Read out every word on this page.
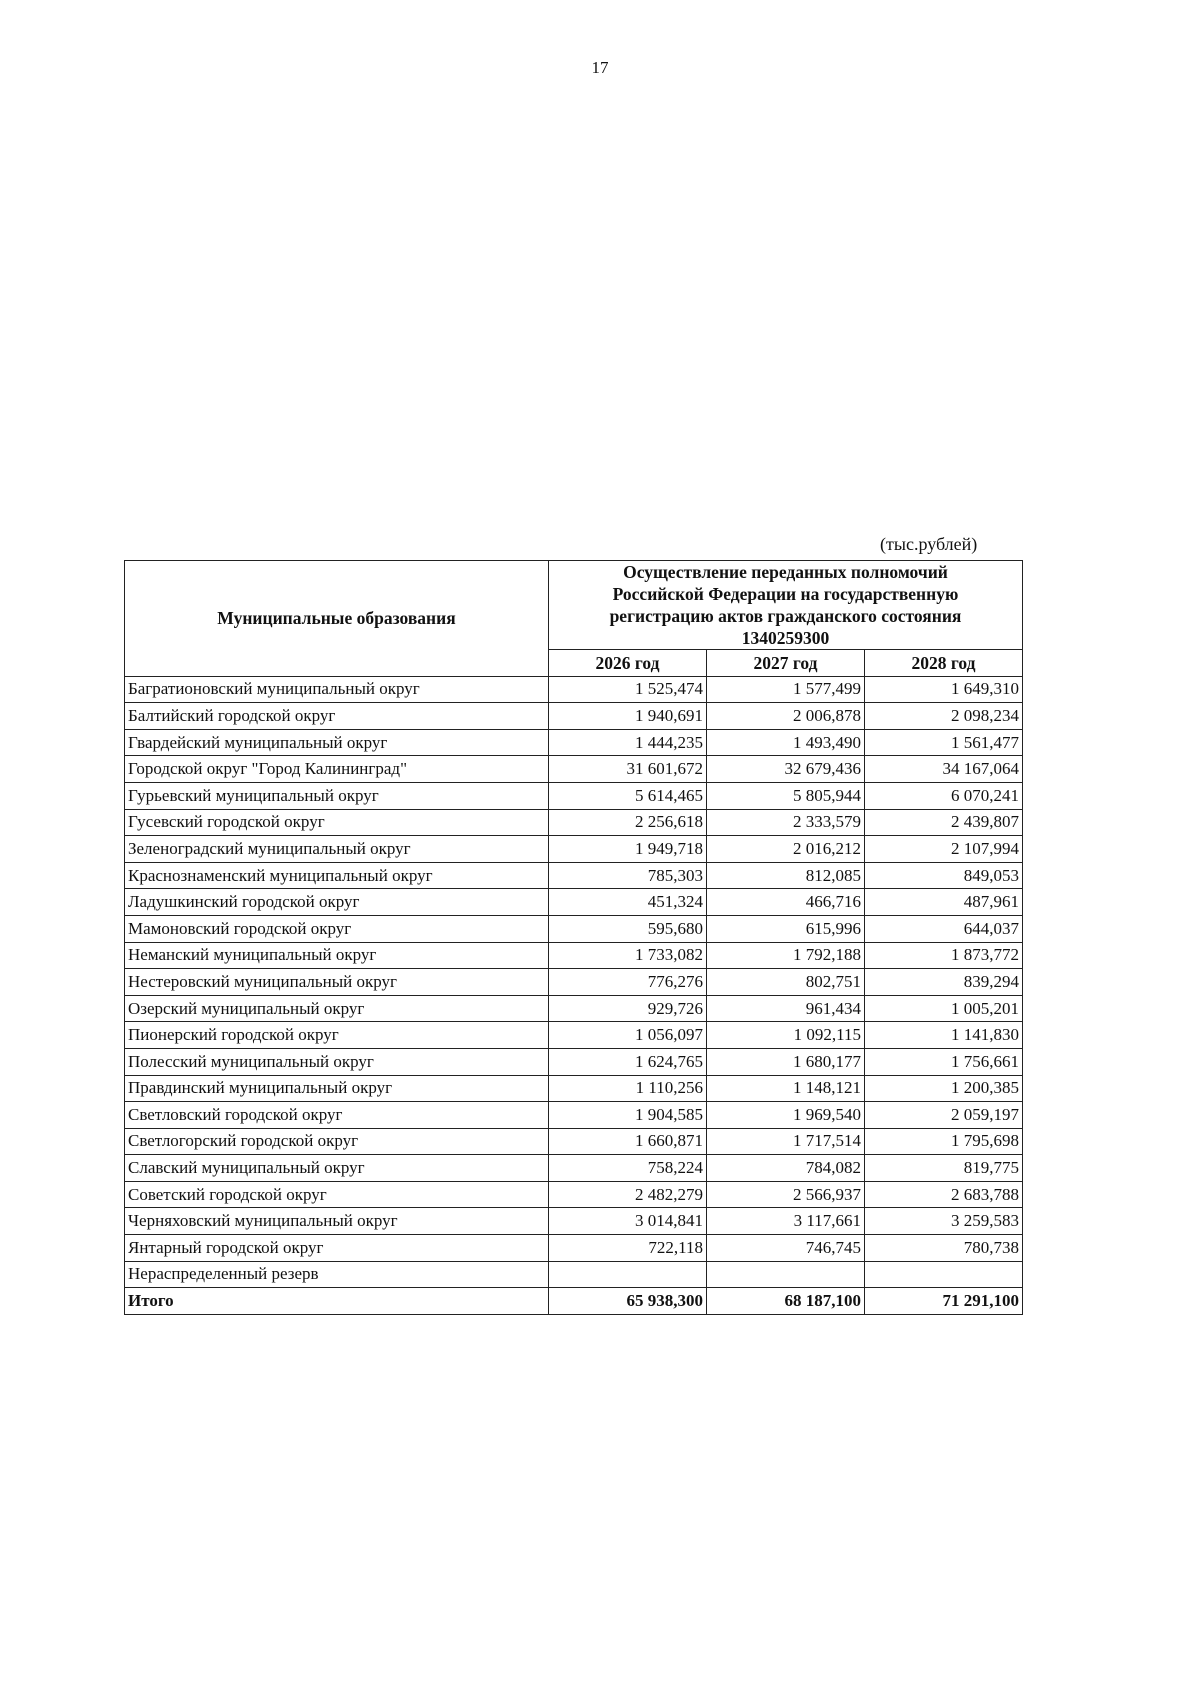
17
(тыс.рублей)
Муниципальные образования	Осуществление переданных полномочий
Российской Федерации на государственную
регистрацию актов гражданского состояния
1340259300		

	2026 год	2027 год	2028 год
Багратионовский муниципальный округ	1 525,474	1 577,499	1 649,310
Балтийский городской округ	1 940,691	2 006,878	2 098,234
Гвардейский муниципальный округ	1 444,235	1 493,490	1 561,477
Городской округ "Город Калининград"	31 601,672	32 679,436	34 167,064
Гурьевский муниципальный округ	5 614,465	5 805,944	6 070,241
Гусевский городской округ	2 256,618	2 333,579	2 439,807
Зеленоградский муниципальный округ	1 949,718	2 016,212	2 107,994
Краснознаменский муниципальный округ	785,303	812,085	849,053
Ладушкинский городской округ	451,324	466,716	487,961
Мамоновский городской округ	595,680	615,996	644,037
Неманский муниципальный округ	1 733,082	1 792,188	1 873,772
Нестеровский муниципальный округ	776,276	802,751	839,294
Озерский муниципальный округ	929,726	961,434	1 005,201
Пионерский городской округ	1 056,097	1 092,115	1 141,830
Полесский муниципальный округ	1 624,765	1 680,177	1 756,661
Правдинский муниципальный округ	1 110,256	1 148,121	1 200,385
Светловский городской округ	1 904,585	1 969,540	2 059,197
Светлогорский городской округ	1 660,871	1 717,514	1 795,698
Славский муниципальный округ	758,224	784,082	819,775
Советский городской округ	2 482,279	2 566,937	2 683,788
Черняховский муниципальный округ	3 014,841	3 117,661	3 259,583
Янтарный городской округ	722,118	746,745	780,738
Нераспределенный резерв			
Итого	65 938,300	68 187,100	71 291,100
